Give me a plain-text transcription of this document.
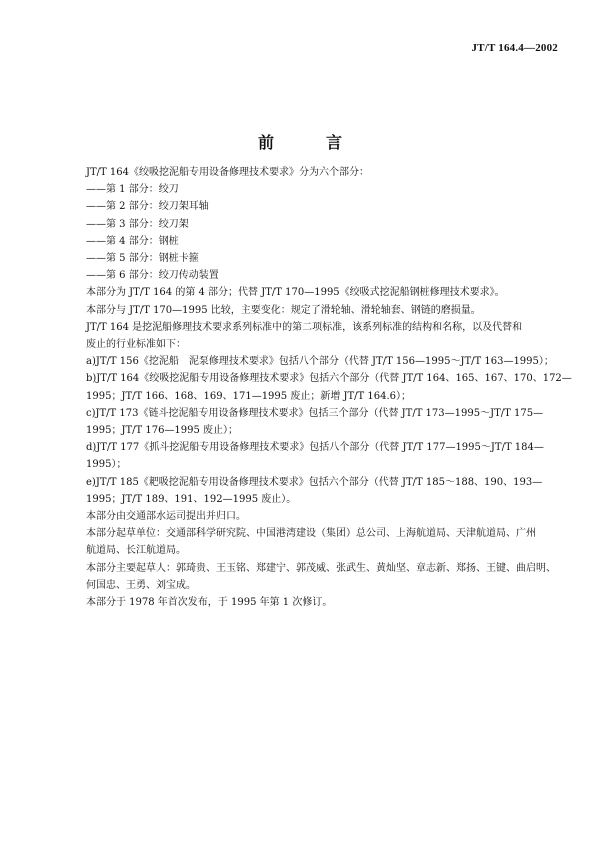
JT/T 164.4—2002
前　言

JT/T 164《绞吸挖泥船专用设备修理技术要求》分为六个部分：

——第 1 部分：绞刀

——第 2 部分：绞刀架耳轴

——第 3 部分：绞刀架

——第 4 部分：钢桩

——第 5 部分：钢桩卡箍

——第 6 部分：绞刀传动装置

本部分为 JT/T 164 的第 4 部分；代替 JT/T 170—1995《绞吸式挖泥船钢桩修理技术要求》。

本部分与 JT/T 170—1995 比较，主要变化：规定了滑轮轴、滑轮轴套、钢链的磨损量。

JT/T 164 是挖泥船修理技术要求系列标准中的第二项标准，该系列标准的结构和名称，以及代替和

废止的行业标准如下：

a)JT/T 156《挖泥船　泥泵修理技术要求》包括八个部分（代替 JT/T 156—1995～JT/T 163—1995）；

b)JT/T 164《绞吸挖泥船专用设备修理技术要求》包括六个部分（代替 JT/T 164、165、167、170、172—

1995；JT/T 166、168、169、171—1995 废止；新增 JT/T 164.6）；

c)JT/T 173《链斗挖泥船专用设备修理技术要求》包括三个部分（代替 JT/T 173—1995～JT/T 175—

1995；JT/T 176—1995 废止）；

d)JT/T 177《抓斗挖泥船专用设备修理技术要求》包括八个部分（代替 JT/T 177—1995～JT/T 184—

1995）；

e)JT/T 185《耙吸挖泥船专用设备修理技术要求》包括六个部分（代替 JT/T 185～188、190、193—

1995；JT/T 189、191、192—1995 废止）。

本部分由交通部水运司提出并归口。

本部分起草单位：交通部科学研究院、中国港湾建设（集团）总公司、上海航道局、天津航道局、广州

航道局、长江航道局。

本部分主要起草人：郭琦贵、王玉铭、郑建宁、郭茂威、张武生、黄灿坚、章志新、郑扬、王键、曲启明、

何国忠、王勇、刘宝成。

本部分于 1978 年首次发布，于 1995 年第 1 次修订。
